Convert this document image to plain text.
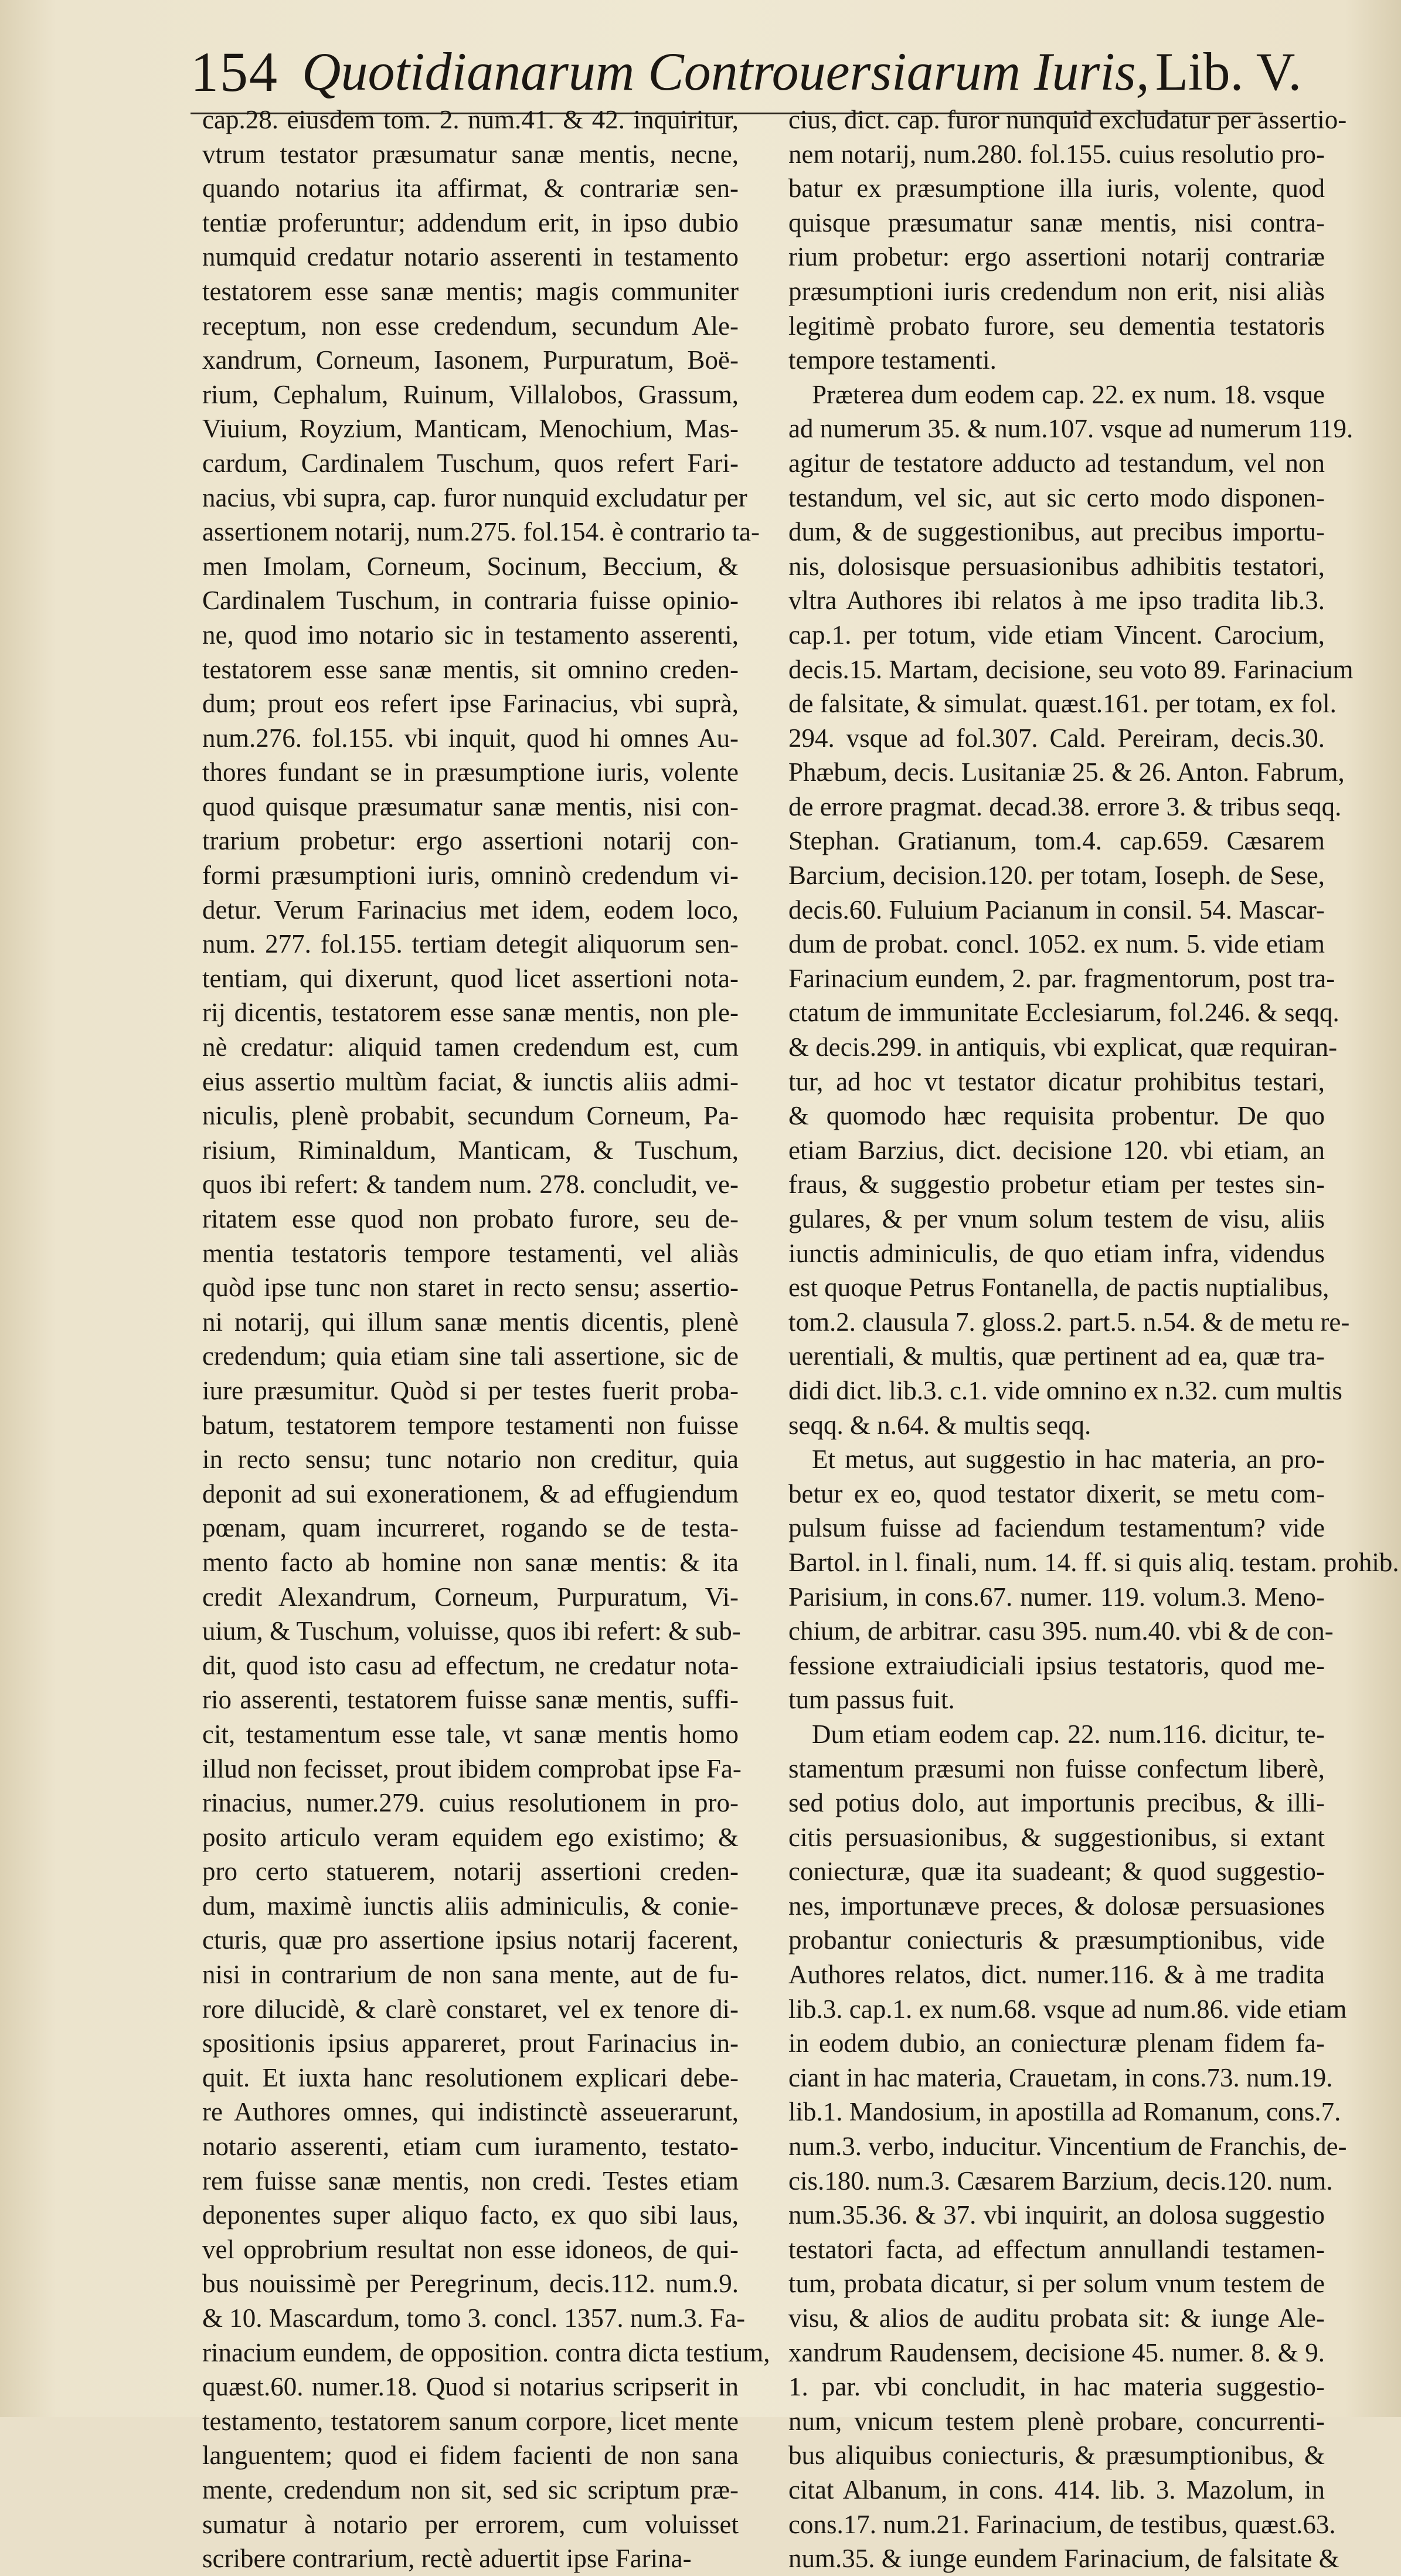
154 Quotidianarum Controuersiarum Iuris, Lib. V.
cap.28. eiusdem tom. 2. num.41. & 42. inquiritur,
vtrum testator præsumatur sanæ mentis, necne,
quando notarius ita affirmat, & contrariæ sen-
tentiæ proferuntur; addendum erit, in ipso dubio
numquid credatur notario asserenti in testamento
testatorem esse sanæ mentis; magis communiter
receptum, non esse credendum, secundum Ale-
xandrum, Corneum, Iasonem, Purpuratum, Boë-
rium, Cephalum, Ruinum, Villalobos, Grassum,
Viuium, Royzium, Manticam, Menochium, Mas-
cardum, Cardinalem Tuschum, quos refert Fari-
nacius, vbi supra, cap. furor nunquid excludatur per
assertionem notarij, num.275. fol.154. è contrario ta-
men Imolam, Corneum, Socinum, Beccium, &
Cardinalem Tuschum, in contraria fuisse opinio-
ne, quod imo notario sic in testamento asserenti,
testatorem esse sanæ mentis, sit omnino creden-
dum; prout eos refert ipse Farinacius, vbi suprà,
num.276. fol.155. vbi inquit, quod hi omnes Au-
thores fundant se in præsumptione iuris, volente
quod quisque præsumatur sanæ mentis, nisi con-
trarium probetur: ergo assertioni notarij con-
formi præsumptioni iuris, omninò credendum vi-
detur. Verum Farinacius met idem, eodem loco,
num. 277. fol.155. tertiam detegit aliquorum sen-
tentiam, qui dixerunt, quod licet assertioni nota-
rij dicentis, testatorem esse sanæ mentis, non ple-
nè credatur: aliquid tamen credendum est, cum
eius assertio multùm faciat, & iunctis aliis admi-
niculis, plenè probabit, secundum Corneum, Pa-
risium, Riminaldum, Manticam, & Tuschum,
quos ibi refert: & tandem num. 278. concludit, ve-
ritatem esse quod non probato furore, seu de-
mentia testatoris tempore testamenti, vel aliàs
quòd ipse tunc non staret in recto sensu; assertio-
ni notarij, qui illum sanæ mentis dicentis, plenè
credendum; quia etiam sine tali assertione, sic de
iure præsumitur. Quòd si per testes fuerit proba-
batum, testatorem tempore testamenti non fuisse
in recto sensu; tunc notario non creditur, quia
deponit ad sui exonerationem, & ad effugiendum
pœnam, quam incurreret, rogando se de testa-
mento facto ab homine non sanæ mentis: & ita
credit Alexandrum, Corneum, Purpuratum, Vi-
uium, & Tuschum, voluisse, quos ibi refert: & sub-
dit, quod isto casu ad effectum, ne credatur nota-
rio asserenti, testatorem fuisse sanæ mentis, suffi-
cit, testamentum esse tale, vt sanæ mentis homo
illud non fecisset, prout ibidem comprobat ipse Fa-
rinacius, numer.279. cuius resolutionem in pro-
posito articulo veram equidem ego existimo; &
pro certo statuerem, notarij assertioni creden-
dum, maximè iunctis aliis adminiculis, & conie-
cturis, quæ pro assertione ipsius notarij facerent,
nisi in contrarium de non sana mente, aut de fu-
rore dilucidè, & clarè constaret, vel ex tenore di-
spositionis ipsius appareret, prout Farinacius in-
quit. Et iuxta hanc resolutionem explicari debe-
re Authores omnes, qui indistinctè asseuerarunt,
notario asserenti, etiam cum iuramento, testato-
rem fuisse sanæ mentis, non credi. Testes etiam
deponentes super aliquo facto, ex quo sibi laus,
vel opprobrium resultat non esse idoneos, de qui-
bus nouissimè per Peregrinum, decis.112. num.9.
& 10. Mascardum, tomo 3. concl. 1357. num.3. Fa-
rinacium eundem, de opposition. contra dicta testium,
quæst.60. numer.18. Quod si notarius scripserit in
testamento, testatorem sanum corpore, licet mente
languentem; quod ei fidem facienti de non sana
mente, credendum non sit, sed sic scriptum præ-
sumatur à notario per errorem, cum voluisset
scribere contrarium, rectè aduertit ipse Farina-
cius, dict. cap. furor nunquid excludatur per assertio-
nem notarij, num.280. fol.155. cuius resolutio pro-
batur ex præsumptione illa iuris, volente, quod
quisque præsumatur sanæ mentis, nisi contra-
rium probetur: ergo assertioni notarij contrariæ
præsumptioni iuris credendum non erit, nisi aliàs
legitimè probato furore, seu dementia testatoris
tempore testamenti.
Præterea dum eodem cap. 22. ex num. 18. vsque
ad numerum 35. & num.107. vsque ad numerum 119.
agitur de testatore adducto ad testandum, vel non
testandum, vel sic, aut sic certo modo disponen-
dum, & de suggestionibus, aut precibus importu-
nis, dolosisque persuasionibus adhibitis testatori,
vltra Authores ibi relatos à me ipso tradita lib.3.
cap.1. per totum, vide etiam Vincent. Carocium,
decis.15. Martam, decisione, seu voto 89. Farinacium
de falsitate, & simulat. quæst.161. per totam, ex fol.
294. vsque ad fol.307. Cald. Pereiram, decis.30.
Phæbum, decis. Lusitaniæ 25. & 26. Anton. Fabrum,
de errore pragmat. decad.38. errore 3. & tribus seqq.
Stephan. Gratianum, tom.4. cap.659. Cæsarem
Barcium, decision.120. per totam, Ioseph. de Sese,
decis.60. Fuluium Pacianum in consil. 54. Mascar-
dum de probat. concl. 1052. ex num. 5. vide etiam
Farinacium eundem, 2. par. fragmentorum, post tra-
ctatum de immunitate Ecclesiarum, fol.246. & seqq.
& decis.299. in antiquis, vbi explicat, quæ requiran-
tur, ad hoc vt testator dicatur prohibitus testari,
& quomodo hæc requisita probentur. De quo
etiam Barzius, dict. decisione 120. vbi etiam, an
fraus, & suggestio probetur etiam per testes sin-
gulares, & per vnum solum testem de visu, aliis
iunctis adminiculis, de quo etiam infra, videndus
est quoque Petrus Fontanella, de pactis nuptialibus,
tom.2. clausula 7. gloss.2. part.5. n.54. & de metu re-
uerentiali, & multis, quæ pertinent ad ea, quæ tra-
didi dict. lib.3. c.1. vide omnino ex n.32. cum multis
seqq. & n.64. & multis seqq.
Et metus, aut suggestio in hac materia, an pro-
betur ex eo, quod testator dixerit, se metu com-
pulsum fuisse ad faciendum testamentum? vide
Bartol. in l. finali, num. 14. ff. si quis aliq. testam. prohib.
Parisium, in cons.67. numer. 119. volum.3. Meno-
chium, de arbitrar. casu 395. num.40. vbi & de con-
fessione extraiudiciali ipsius testatoris, quod me-
tum passus fuit.
Dum etiam eodem cap. 22. num.116. dicitur, te-
stamentum præsumi non fuisse confectum liberè,
sed potius dolo, aut importunis precibus, & illi-
citis persuasionibus, & suggestionibus, si extant
coniecturæ, quæ ita suadeant; & quod suggestio-
nes, importunæve preces, & dolosæ persuasiones
probantur coniecturis & præsumptionibus, vide
Authores relatos, dict. numer.116. & à me tradita
lib.3. cap.1. ex num.68. vsque ad num.86. vide etiam
in eodem dubio, an coniecturæ plenam fidem fa-
ciant in hac materia, Crauetam, in cons.73. num.19.
lib.1. Mandosium, in apostilla ad Romanum, cons.7.
num.3. verbo, inducitur. Vincentium de Franchis, de-
cis.180. num.3. Cæsarem Barzium, decis.120. num.
num.35.36. & 37. vbi inquirit, an dolosa suggestio
testatori facta, ad effectum annullandi testamen-
tum, probata dicatur, si per solum vnum testem de
visu, & alios de auditu probata sit: & iunge Ale-
xandrum Raudensem, decisione 45. numer. 8. & 9.
1. par. vbi concludit, in hac materia suggestio-
num, vnicum testem plenè probare, concurrenti-
bus aliquibus coniecturis, & præsumptionibus, &
citat Albanum, in cons. 414. lib. 3. Mazolum, in
cons.17. num.21. Farinacium, de testibus, quæst.63.
num.35. & iunge eundem Farinacium, de falsitate &
